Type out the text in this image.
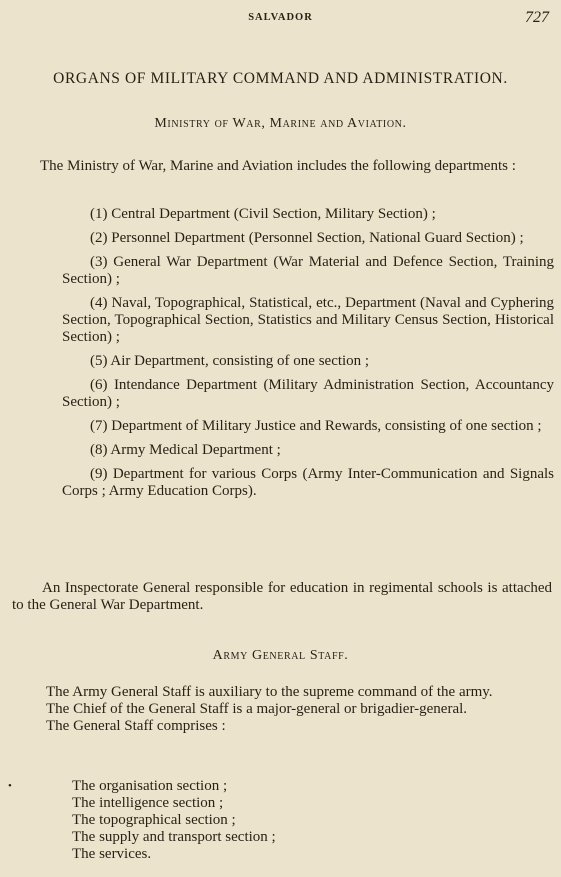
SALVADOR	727
ORGANS OF MILITARY COMMAND AND ADMINISTRATION.
Ministry of War, Marine and Aviation.
The Ministry of War, Marine and Aviation includes the following departments :
(1) Central Department (Civil Section, Military Section) ;
(2) Personnel Department (Personnel Section, National Guard Section) ;
(3) General War Department (War Material and Defence Section, Training Section) ;
(4) Naval, Topographical, Statistical, etc., Department (Naval and Cyphering Section, Topographical Section, Statistics and Military Census Section, Historical Section) ;
(5) Air Department, consisting of one section ;
(6) Intendance Department (Military Administration Section, Accountancy Section) ;
(7) Department of Military Justice and Rewards, consisting of one section ;
(8) Army Medical Department ;
(9) Department for various Corps (Army Inter-Communication and Signals Corps ; Army Education Corps).
An Inspectorate General responsible for education in regimental schools is attached to the General War Department.
Army General Staff.

The Army General Staff is auxiliary to the supreme command of the army.

The Chief of the General Staff is a major-general or brigadier-general.

The General Staff comprises :

•	The organisation section ;
The intelligence section ;
The topographical section ;
The supply and transport section ;
The services.
